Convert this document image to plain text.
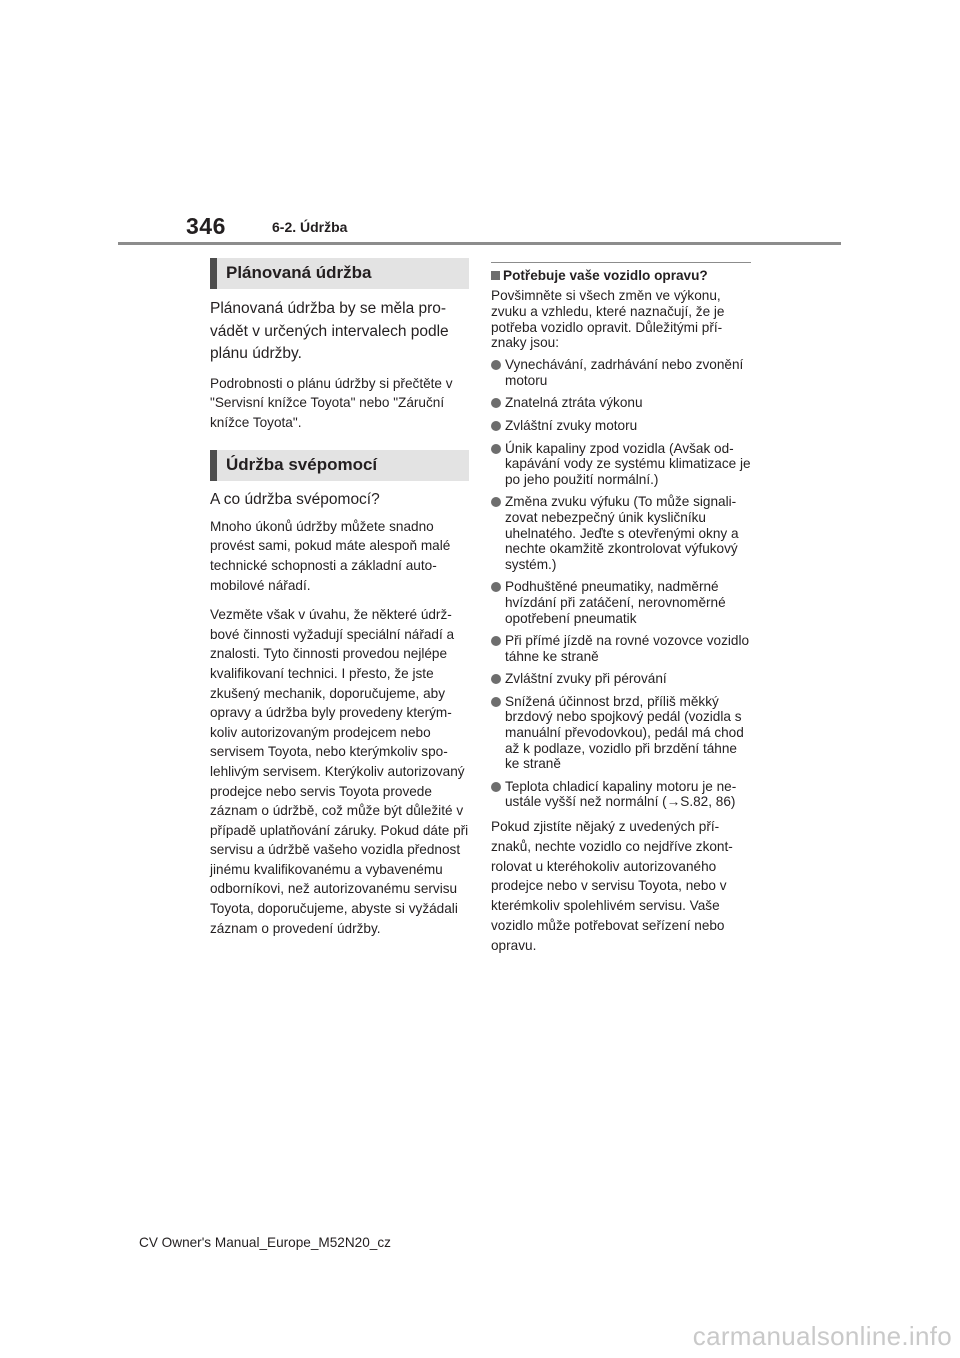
346	6-2. Údržba
Plánovaná údržba

Plánovaná údržba by se měla provádět v určených intervalech podle plánu údržby.

Podrobnosti o plánu údržby si přečtěte v "Servisní knížce Toyota" nebo "Záruční knížce Toyota".

Údržba svépomocí

A co údržba svépomocí?

Mnoho úkonů údržby můžete snadno provést sami, pokud máte alespoň malé technické schopnosti a základní automobilové nářadí.

Vezměte však v úvahu, že některé údržbové činnosti vyžadují speciální nářadí a znalosti. Tyto činnosti provedou nejlépe kvalifikovaní technici. I přesto, že jste zkušený mechanik, doporučujeme, aby opravy a údržba byly provedeny kterýmkoliv autorizovaným prodejcem nebo servisem Toyota, nebo kterýmkoliv spolehlivým servisem. Kterýkoliv autorizovaný prodejce nebo servis Toyota provede záznam o údržbě, což může být důležité v případě uplatňování záruky. Pokud dáte při servisu a údržbě vašeho vozidla přednost jinému kvalifikovanému a vybavenému odborníkovi, než autorizovanému servisu Toyota, doporučujeme, abyste si vyžádali záznam o provedení údržby.

Potřebuje vaše vozidlo opravu?

Povšimněte si všech změn ve výkonu, zvuku a vzhledu, které naznačují, že je potřeba vozidlo opravit. Důležitými příznaky jsou:

Vynechávání, zadrhávání nebo zvonění motoru
Znatelná ztráta výkonu
Zvláštní zvuky motoru
Únik kapaliny zpod vozidla (Avšak odkapávání vody ze systému klimatizace je po jeho použití normální.)
Změna zvuku výfuku (To může signalizovat nebezpečný únik kysličníku uhelnatého. Jeďte s otevřenými okny a nechte okamžitě zkontrolovat výfukový systém.)
Podhuštěné pneumatiky, nadměrné hvízdání při zatáčení, nerovnoměrné opotřebení pneumatik
Při přímé jízdě na rovné vozovce vozidlo táhne ke straně
Zvláštní zvuky při pérování
Snížená účinnost brzd, příliš měkký brzdový nebo spojkový pedál (vozidla s manuální převodovkou), pedál má chod až k podlaze, vozidlo při brzdění táhne ke straně
Teplota chladicí kapaliny motoru je neustále vyšší než normální (→S.82, 86)

Pokud zjistíte nějaký z uvedených příznaků, nechte vozidlo co nejdříve zkontrolovat u kteréhokoliv autorizovaného prodejce nebo v servisu Toyota, nebo v kterémkoliv spolehlivém servisu. Vaše vozidlo může potřebovat seřízení nebo opravu.

CV Owner's Manual_Europe_M52N20_cz
carmanualsonline.info
